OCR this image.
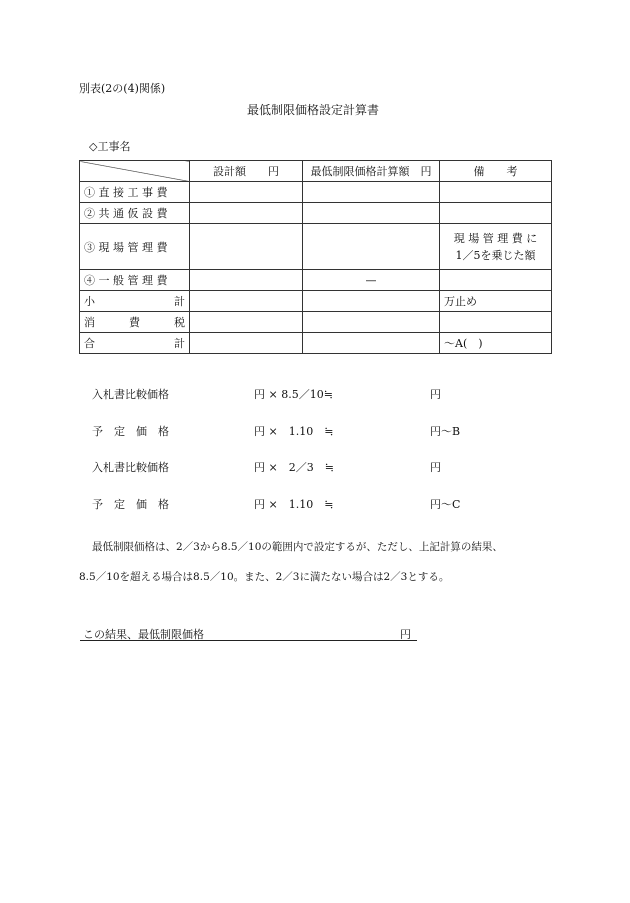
別表(2の(4)関係)
最低制限価格設定計算書
◇工事名
	設計額　　円	最低制限価格計算額　円	備　　考
① 直 接 工 事 費			
② 共 通 仮 設 費			
③ 現 場 管 理 費			現 場 管 理 費 に
1／5を乗じた額

④ 一 般 管 理 費		—	

小 計			万止め

消 費 税			

合 計			～A(　)
入札書比較価格	円 × 8.5／10≒	円
予　定　価　格	円 ×　1.10　≒	円～B
入札書比較価格	円 ×　2／3　≒	円
予　定　価　格	円 ×　1.10　≒	円～C
最低制限価格は、2／3から8.5／10の範囲内で設定するが、ただし、上記計算の結果、
8.5／10を超える場合は8.5／10。また、2／3に満たない場合は2／3とする。
この結果、最低制限価格	円
